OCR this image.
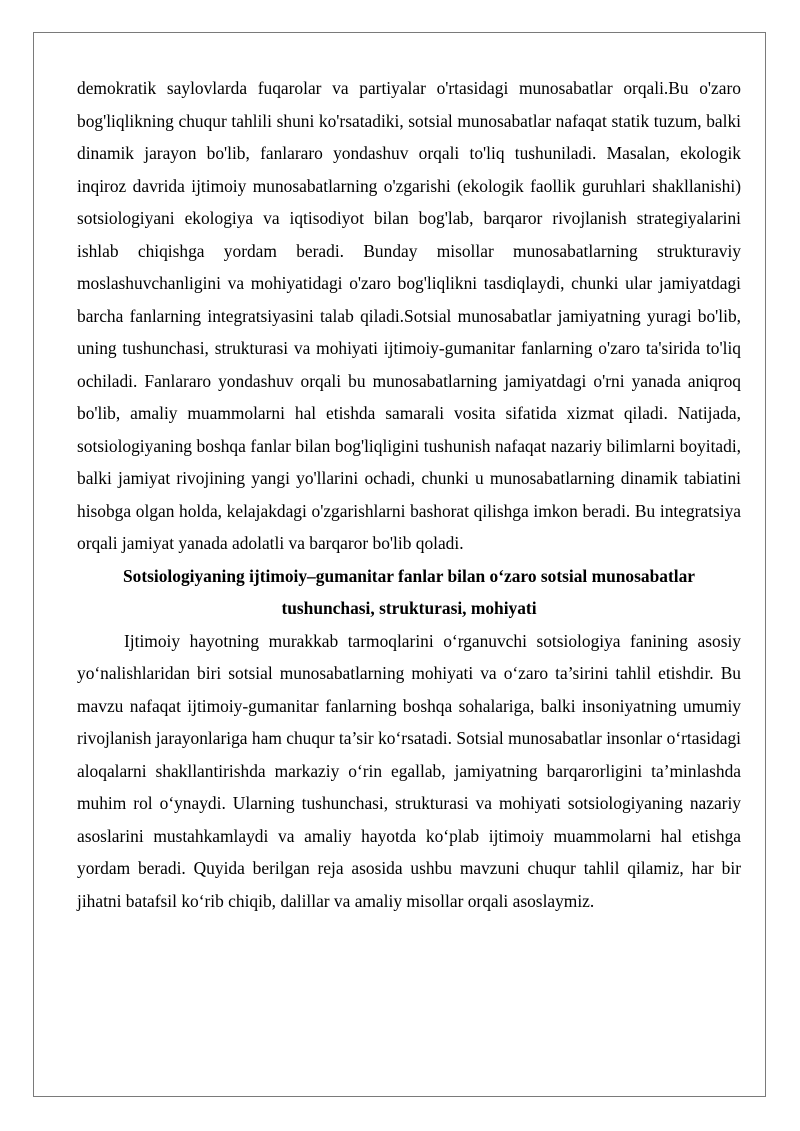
demokratik saylovlarda fuqarolar va partiyalar o'rtasidagi munosabatlar orqali.Bu o'zaro bog'liqlikning chuqur tahlili shuni ko'rsatadiki, sotsial munosabatlar nafaqat statik tuzum, balki dinamik jarayon bo'lib, fanlararo yondashuv orqali to'liq tushuniladi. Masalan, ekologik inqiroz davrida ijtimoiy munosabatlarning o'zgarishi (ekologik faollik guruhlari shakllanishi) sotsiologiyani ekologiya va iqtisodiyot bilan bog'lab, barqaror rivojlanish strategiyalarini ishlab chiqishga yordam beradi. Bunday misollar munosabatlarning strukturaviy moslashuvchanligini va mohiyatidagi o'zaro bog'liqlikni tasdiqlaydi, chunki ular jamiyatdagi barcha fanlarning integratsiyasini talab qiladi.Sotsial munosabatlar jamiyatning yuragi bo'lib, uning tushunchasi, strukturasi va mohiyati ijtimoiy-gumanitar fanlarning o'zaro ta'sirida to'liq ochiladi. Fanlararo yondashuv orqali bu munosabatlarning jamiyatdagi o'rni yanada aniqroq bo'lib, amaliy muammolarni hal etishda samarali vosita sifatida xizmat qiladi. Natijada, sotsiologiyaning boshqa fanlar bilan bog'liqligini tushunish nafaqat nazariy bilimlarni boyitadi, balki jamiyat rivojining yangi yo'llarini ochadi, chunki u munosabatlarning dinamik tabiatini hisobga olgan holda, kelajakdagi o'zgarishlarni bashorat qilishga imkon beradi. Bu integratsiya orqali jamiyat yanada adolatli va barqaror bo'lib qoladi.

Sotsiologiyaning ijtimoiy–gumanitar fanlar bilan o‘zaro sotsial munosabatlar tushunchasi, strukturasi, mohiyati

Ijtimoiy hayotning murakkab tarmoqlarini o‘rganuvchi sotsiologiya fanining asosiy yo‘nalishlaridan biri sotsial munosabatlarning mohiyati va o‘zaro ta’sirini tahlil etishdir. Bu mavzu nafaqat ijtimoiy-gumanitar fanlarning boshqa sohalariga, balki insoniyatning umumiy rivojlanish jarayonlariga ham chuqur ta’sir ko‘rsatadi. Sotsial munosabatlar insonlar o‘rtasidagi aloqalarni shakllantirishda markaziy o‘rin egallab, jamiyatning barqarorligini ta’minlashda muhim rol o‘ynaydi. Ularning tushunchasi, strukturasi va mohiyati sotsiologiyaning nazariy asoslarini mustahkamlaydi va amaliy hayotda ko‘plab ijtimoiy muammolarni hal etishga yordam beradi. Quyida berilgan reja asosida ushbu mavzuni chuqur tahlil qilamiz, har bir jihatni batafsil ko‘rib chiqib, dalillar va amaliy misollar orqali asoslaymiz.
